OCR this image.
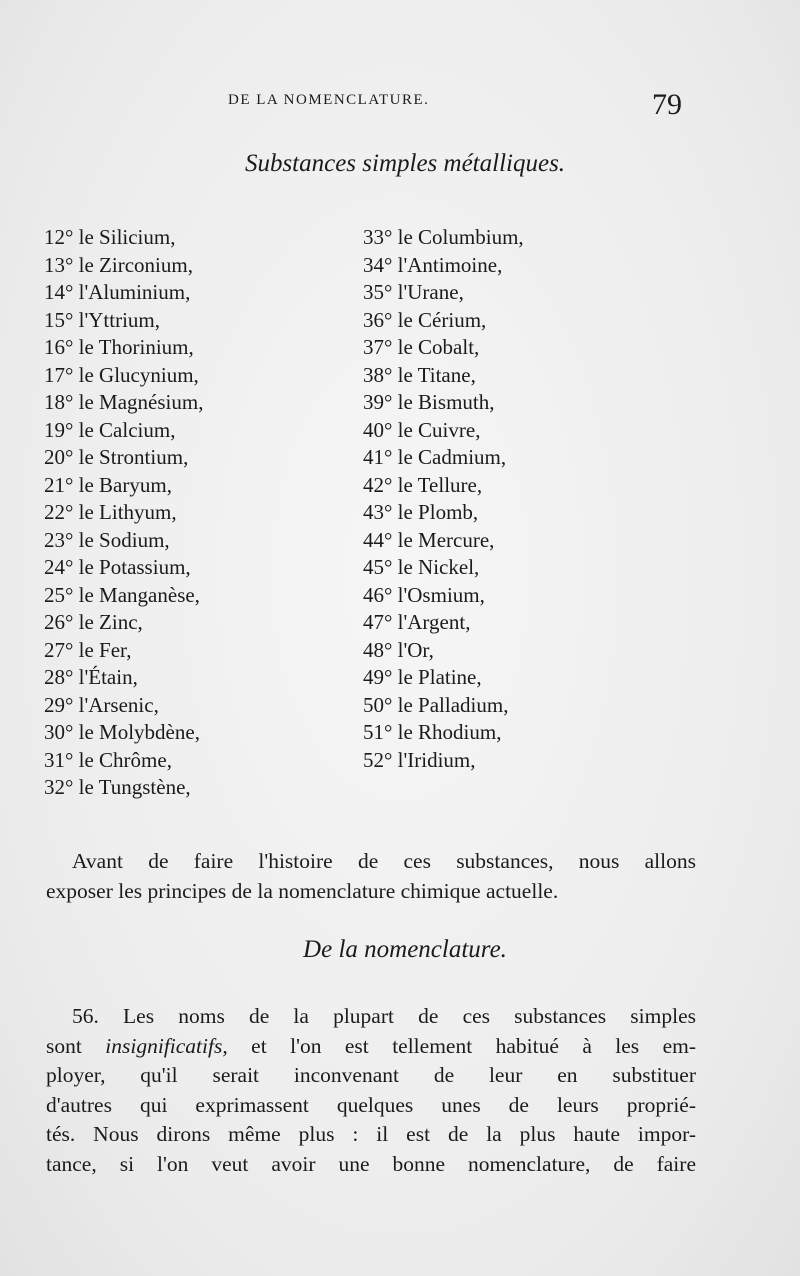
DE LA NOMENCLATURE.	79
Substances simples métalliques.
12° le Silicium,
13° le Zirconium,
14° l'Aluminium,
15° l'Yttrium,
16° le Thorinium,
17° le Glucynium,
18° le Magnésium,
19° le Calcium,
20° le Strontium,
21° le Baryum,
22° le Lithyum,
23° le Sodium,
24° le Potassium,
25° le Manganèse,
26° le Zinc,
27° le Fer,
28° l'Étain,
29° l'Arsenic,
30° le Molybdène,
31° le Chrôme,
32° le Tungstène,
33° le Columbium,
34° l'Antimoine,
35° l'Urane,
36° le Cérium,
37° le Cobalt,
38° le Titane,
39° le Bismuth,
40° le Cuivre,
41° le Cadmium,
42° le Tellure,
43° le Plomb,
44° le Mercure,
45° le Nickel,
46° l'Osmium,
47° l'Argent,
48° l'Or,
49° le Platine,
50° le Palladium,
51° le Rhodium,
52° l'Iridium,

Avant de faire l'histoire de ces substances, nous allons

exposer les principes de la nomenclature chimique actuelle.

De la nomenclature.

56. Les noms de la plupart de ces substances simples

sont insignificatifs, et l'on est tellement habitué à les em-

ployer, qu'il serait inconvenant de leur en substituer

d'autres qui exprimassent quelques unes de leurs proprié-

tés. Nous dirons même plus : il est de la plus haute impor-

tance, si l'on veut avoir une bonne nomenclature, de faire
